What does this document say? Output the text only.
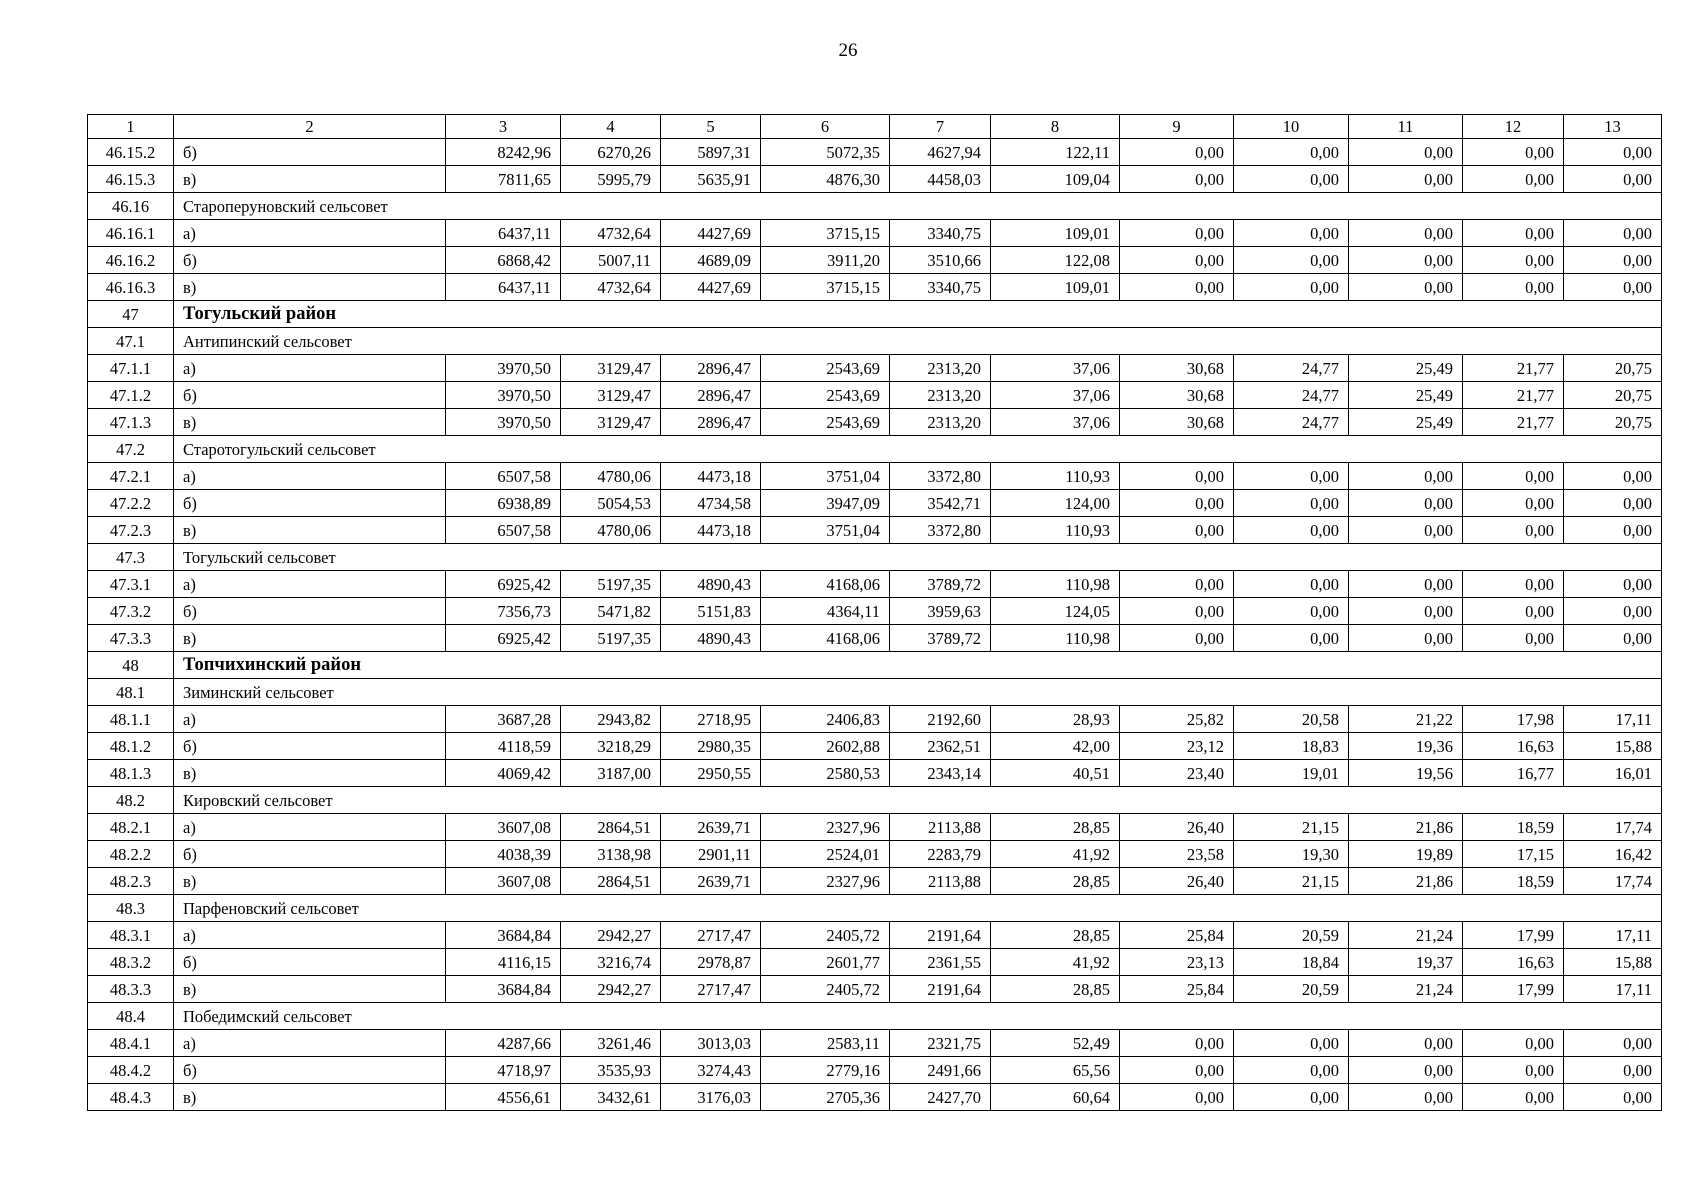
26
1	2	3	4	5	6	7	8	9	10	11	12	13
46.15.2	б)	8242,96	6270,26	5897,31	5072,35	4627,94	122,11	0,00	0,00	0,00	0,00	0,00
46.15.3	в)	7811,65	5995,79	5635,91	4876,30	4458,03	109,04	0,00	0,00	0,00	0,00	0,00
46.16	Староперуновский сельсовет											
46.16.1	а)	6437,11	4732,64	4427,69	3715,15	3340,75	109,01	0,00	0,00	0,00	0,00	0,00
46.16.2	б)	6868,42	5007,11	4689,09	3911,20	3510,66	122,08	0,00	0,00	0,00	0,00	0,00
46.16.3	в)	6437,11	4732,64	4427,69	3715,15	3340,75	109,01	0,00	0,00	0,00	0,00	0,00
47	Тогульский район											
47.1	Антипинский сельсовет											
47.1.1	а)	3970,50	3129,47	2896,47	2543,69	2313,20	37,06	30,68	24,77	25,49	21,77	20,75
47.1.2	б)	3970,50	3129,47	2896,47	2543,69	2313,20	37,06	30,68	24,77	25,49	21,77	20,75
47.1.3	в)	3970,50	3129,47	2896,47	2543,69	2313,20	37,06	30,68	24,77	25,49	21,77	20,75
47.2	Старотогульский сельсовет											
47.2.1	а)	6507,58	4780,06	4473,18	3751,04	3372,80	110,93	0,00	0,00	0,00	0,00	0,00
47.2.2	б)	6938,89	5054,53	4734,58	3947,09	3542,71	124,00	0,00	0,00	0,00	0,00	0,00
47.2.3	в)	6507,58	4780,06	4473,18	3751,04	3372,80	110,93	0,00	0,00	0,00	0,00	0,00
47.3	Тогульский сельсовет											
47.3.1	а)	6925,42	5197,35	4890,43	4168,06	3789,72	110,98	0,00	0,00	0,00	0,00	0,00
47.3.2	б)	7356,73	5471,82	5151,83	4364,11	3959,63	124,05	0,00	0,00	0,00	0,00	0,00
47.3.3	в)	6925,42	5197,35	4890,43	4168,06	3789,72	110,98	0,00	0,00	0,00	0,00	0,00
48	Топчихинский район											
48.1	Зиминский сельсовет											
48.1.1	а)	3687,28	2943,82	2718,95	2406,83	2192,60	28,93	25,82	20,58	21,22	17,98	17,11
48.1.2	б)	4118,59	3218,29	2980,35	2602,88	2362,51	42,00	23,12	18,83	19,36	16,63	15,88
48.1.3	в)	4069,42	3187,00	2950,55	2580,53	2343,14	40,51	23,40	19,01	19,56	16,77	16,01
48.2	Кировский сельсовет											
48.2.1	а)	3607,08	2864,51	2639,71	2327,96	2113,88	28,85	26,40	21,15	21,86	18,59	17,74
48.2.2	б)	4038,39	3138,98	2901,11	2524,01	2283,79	41,92	23,58	19,30	19,89	17,15	16,42
48.2.3	в)	3607,08	2864,51	2639,71	2327,96	2113,88	28,85	26,40	21,15	21,86	18,59	17,74
48.3	Парфеновский сельсовет											
48.3.1	а)	3684,84	2942,27	2717,47	2405,72	2191,64	28,85	25,84	20,59	21,24	17,99	17,11
48.3.2	б)	4116,15	3216,74	2978,87	2601,77	2361,55	41,92	23,13	18,84	19,37	16,63	15,88
48.3.3	в)	3684,84	2942,27	2717,47	2405,72	2191,64	28,85	25,84	20,59	21,24	17,99	17,11
48.4	Победимский сельсовет											
48.4.1	а)	4287,66	3261,46	3013,03	2583,11	2321,75	52,49	0,00	0,00	0,00	0,00	0,00
48.4.2	б)	4718,97	3535,93	3274,43	2779,16	2491,66	65,56	0,00	0,00	0,00	0,00	0,00
48.4.3	в)	4556,61	3432,61	3176,03	2705,36	2427,70	60,64	0,00	0,00	0,00	0,00	0,00
